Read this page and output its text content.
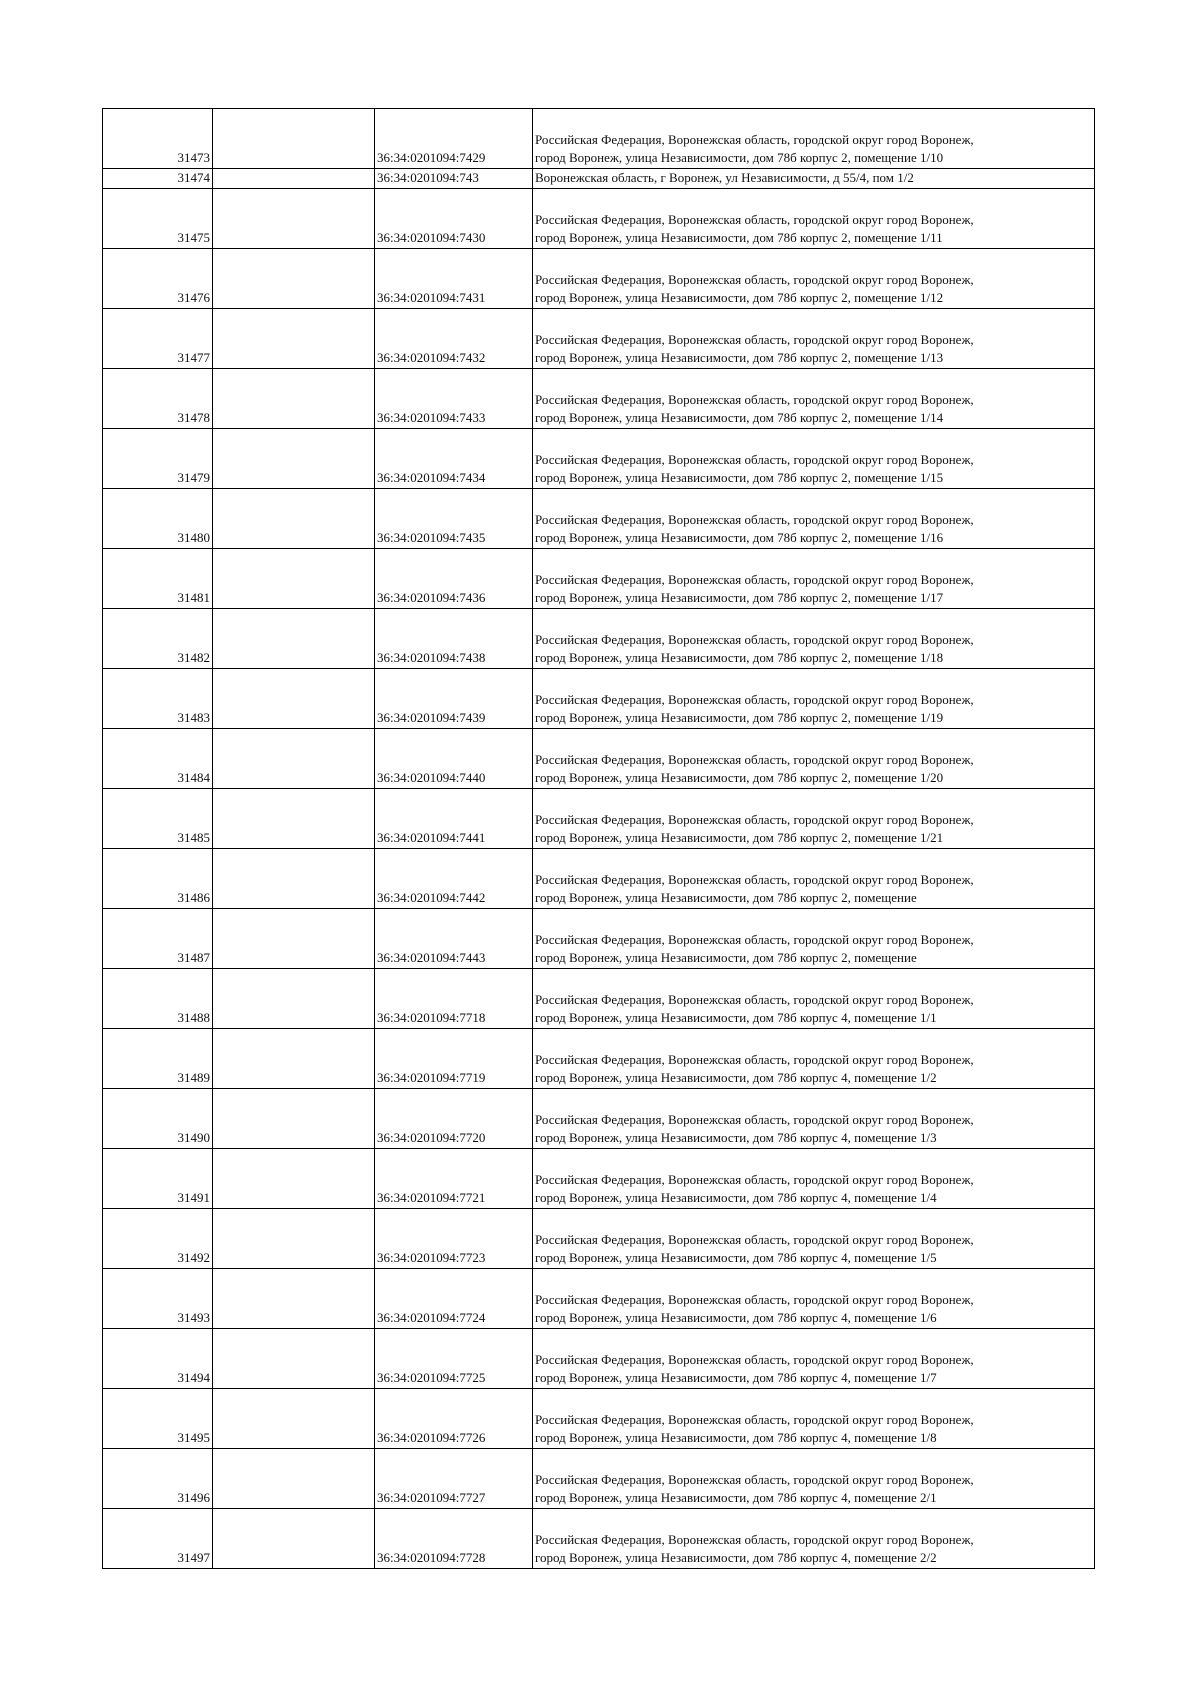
31473		36:34:0201094:7429	Российская Федерация, Воронежская область, городской округ город Воронеж,
город Воронеж, улица Независимости, дом 78б корпус 2, помещение 1/10

31474		36:34:0201094:743	Воронежская область, г Воронеж, ул Независимости, д 55/4, пом 1/2

31475		36:34:0201094:7430	Российская Федерация, Воронежская область, городской округ город Воронеж,
город Воронеж, улица Независимости, дом 78б корпус 2, помещение 1/11

31476		36:34:0201094:7431	Российская Федерация, Воронежская область, городской округ город Воронеж,
город Воронеж, улица Независимости, дом 78б корпус 2, помещение 1/12

31477		36:34:0201094:7432	Российская Федерация, Воронежская область, городской округ город Воронеж,
город Воронеж, улица Независимости, дом 78б корпус 2, помещение 1/13

31478		36:34:0201094:7433	Российская Федерация, Воронежская область, городской округ город Воронеж,
город Воронеж, улица Независимости, дом 78б корпус 2, помещение 1/14

31479		36:34:0201094:7434	Российская Федерация, Воронежская область, городской округ город Воронеж,
город Воронеж, улица Независимости, дом 78б корпус 2, помещение 1/15

31480		36:34:0201094:7435	Российская Федерация, Воронежская область, городской округ город Воронеж,
город Воронеж, улица Независимости, дом 78б корпус 2, помещение 1/16

31481		36:34:0201094:7436	Российская Федерация, Воронежская область, городской округ город Воронеж,
город Воронеж, улица Независимости, дом 78б корпус 2, помещение 1/17

31482		36:34:0201094:7438	Российская Федерация, Воронежская область, городской округ город Воронеж,
город Воронеж, улица Независимости, дом 78б корпус 2, помещение 1/18

31483		36:34:0201094:7439	Российская Федерация, Воронежская область, городской округ город Воронеж,
город Воронеж, улица Независимости, дом 78б корпус 2, помещение 1/19

31484		36:34:0201094:7440	Российская Федерация, Воронежская область, городской округ город Воронеж,
город Воронеж, улица Независимости, дом 78б корпус 2, помещение 1/20

31485		36:34:0201094:7441	Российская Федерация, Воронежская область, городской округ город Воронеж,
город Воронеж, улица Независимости, дом 78б корпус 2, помещение 1/21

31486		36:34:0201094:7442	Российская Федерация, Воронежская область, городской округ город Воронеж,
город Воронеж, улица Независимости, дом 78б корпус 2, помещение

31487		36:34:0201094:7443	Российская Федерация, Воронежская область, городской округ город Воронеж,
город Воронеж, улица Независимости, дом 78б корпус 2, помещение

31488		36:34:0201094:7718	Российская Федерация, Воронежская область, городской округ город Воронеж,
город Воронеж, улица Независимости, дом 78б корпус 4, помещение 1/1

31489		36:34:0201094:7719	Российская Федерация, Воронежская область, городской округ город Воронеж,
город Воронеж, улица Независимости, дом 78б корпус 4, помещение 1/2

31490		36:34:0201094:7720	Российская Федерация, Воронежская область, городской округ город Воронеж,
город Воронеж, улица Независимости, дом 78б корпус 4, помещение 1/3

31491		36:34:0201094:7721	Российская Федерация, Воронежская область, городской округ город Воронеж,
город Воронеж, улица Независимости, дом 78б корпус 4, помещение 1/4

31492		36:34:0201094:7723	Российская Федерация, Воронежская область, городской округ город Воронеж,
город Воронеж, улица Независимости, дом 78б корпус 4, помещение 1/5

31493		36:34:0201094:7724	Российская Федерация, Воронежская область, городской округ город Воронеж,
город Воронеж, улица Независимости, дом 78б корпус 4, помещение 1/6

31494		36:34:0201094:7725	Российская Федерация, Воронежская область, городской округ город Воронеж,
город Воронеж, улица Независимости, дом 78б корпус 4, помещение 1/7

31495		36:34:0201094:7726	Российская Федерация, Воронежская область, городской округ город Воронеж,
город Воронеж, улица Независимости, дом 78б корпус 4, помещение 1/8

31496		36:34:0201094:7727	Российская Федерация, Воронежская область, городской округ город Воронеж,
город Воронеж, улица Независимости, дом 78б корпус 4, помещение 2/1

31497		36:34:0201094:7728	Российская Федерация, Воронежская область, городской округ город Воронеж,
город Воронеж, улица Независимости, дом 78б корпус 4, помещение 2/2
